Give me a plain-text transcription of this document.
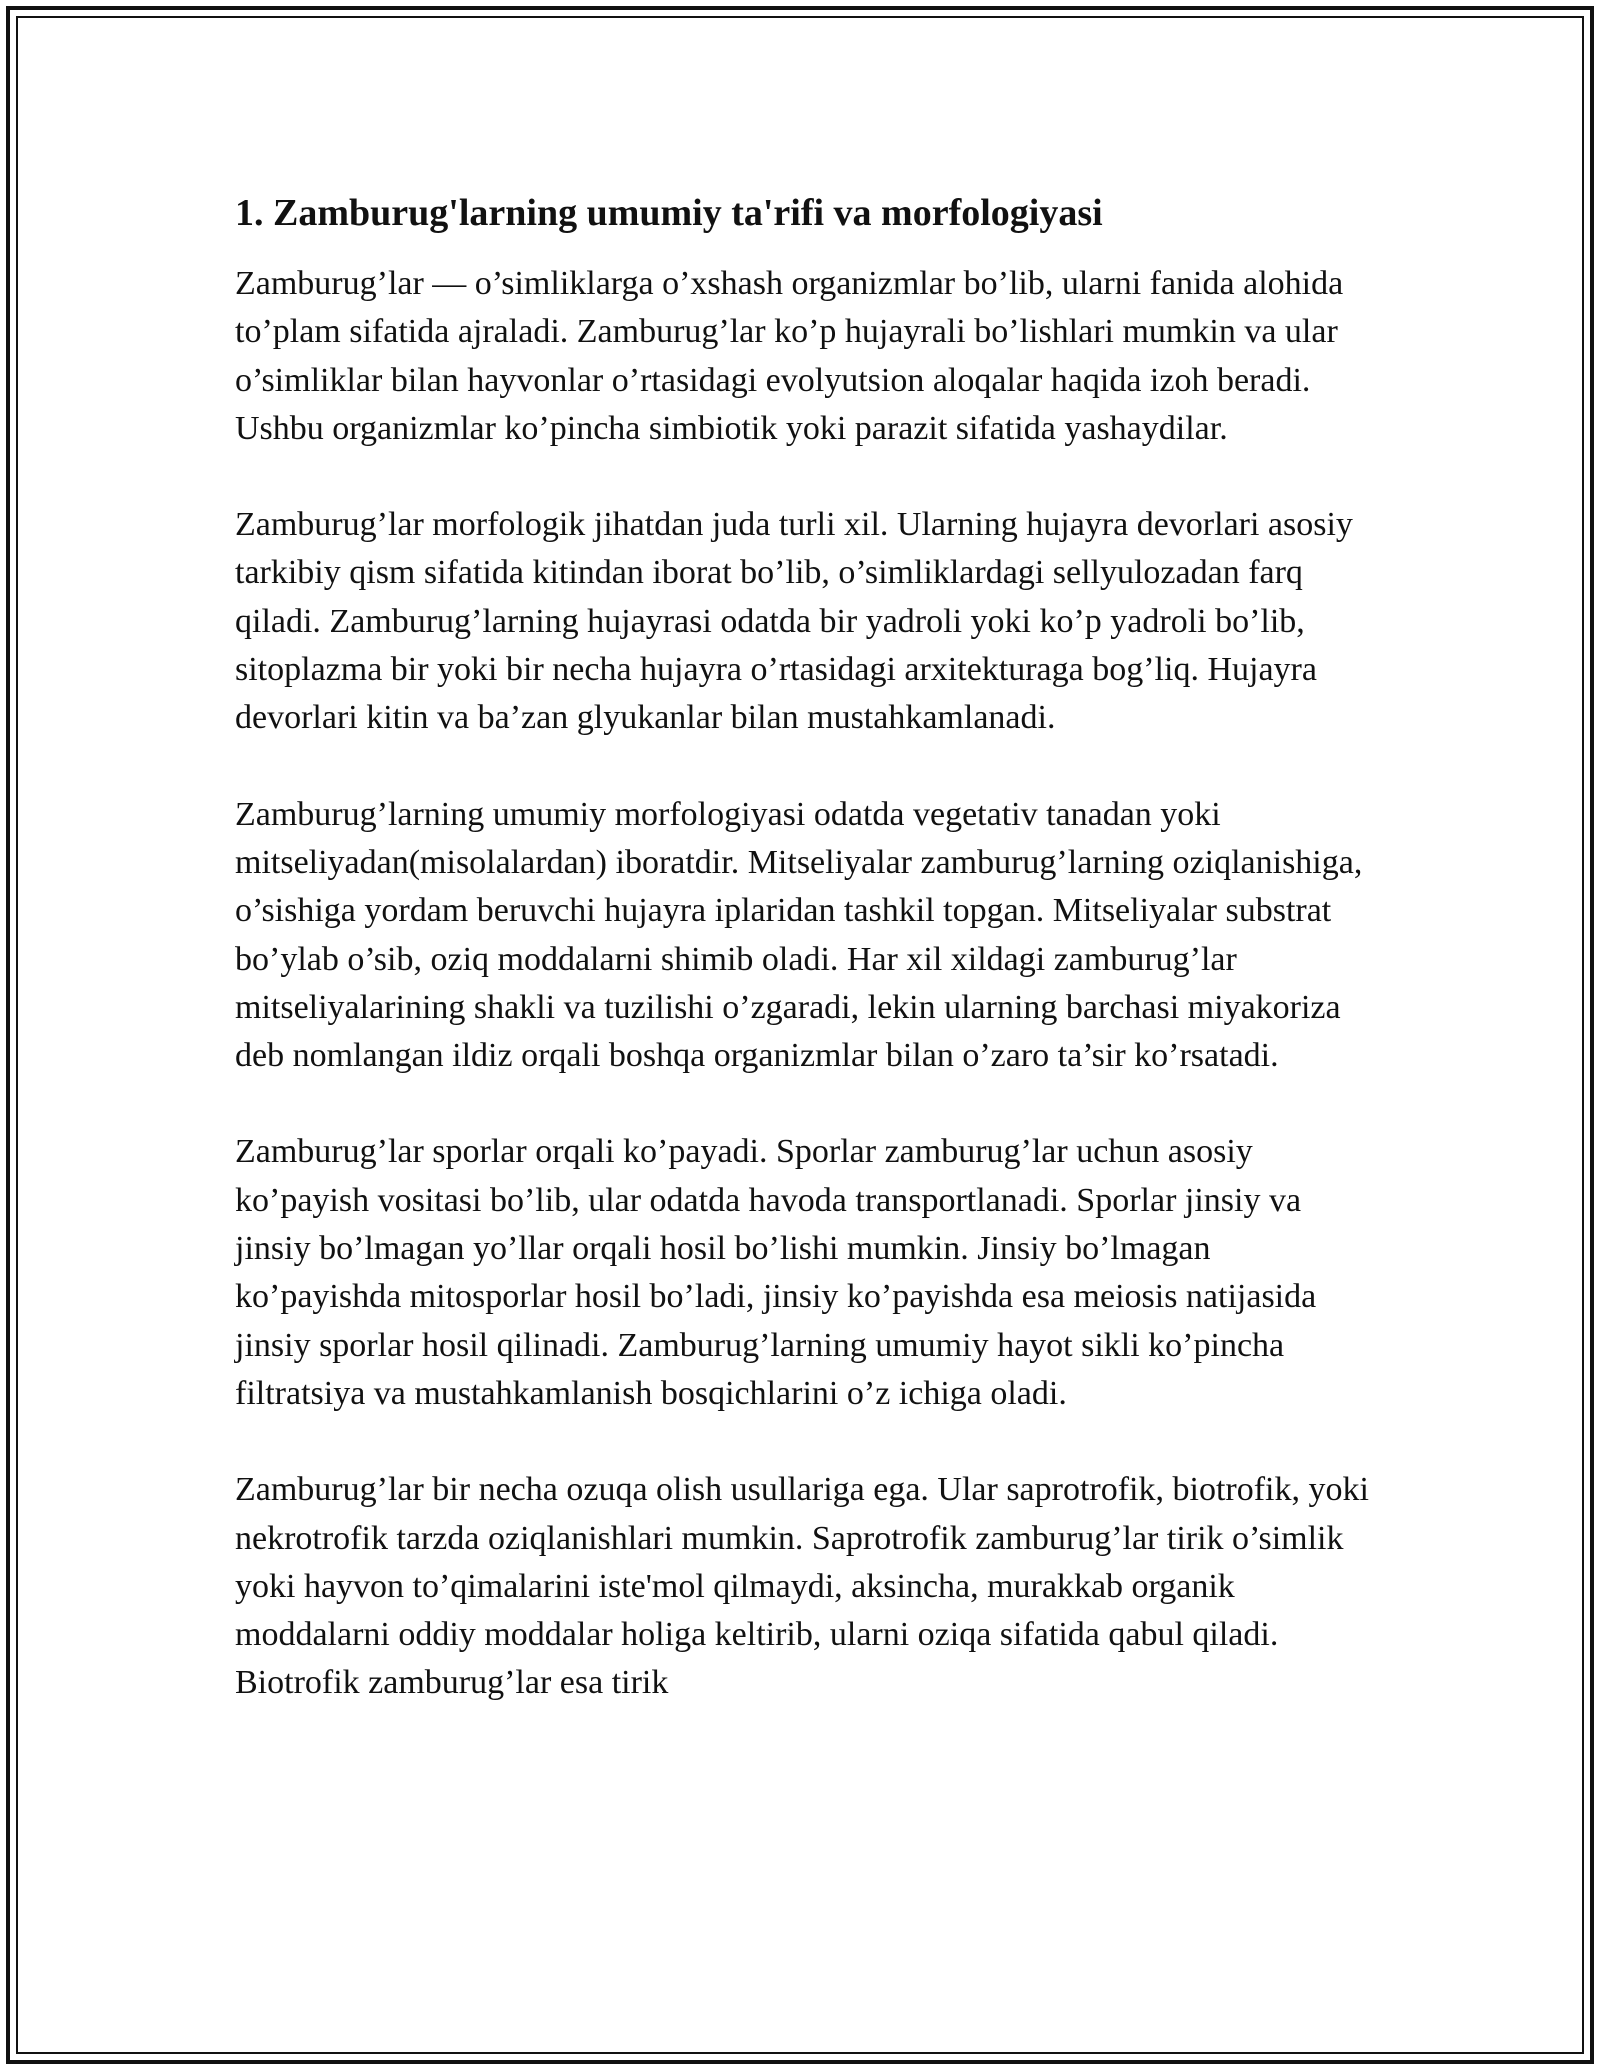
1. Zamburug'larning umumiy ta'rifi va morfologiyasi

Zamburug’lar — o’simliklarga o’xshash organizmlar bo’lib, ularni fanida alohida to’plam sifatida ajraladi. Zamburug’lar ko’p hujayrali bo’lishlari mumkin va ular o’simliklar bilan hayvonlar o’rtasidagi evolyutsion aloqalar haqida izoh beradi. Ushbu organizmlar ko’pincha simbiotik yoki parazit sifatida yashaydilar.

Zamburug’lar morfologik jihatdan juda turli xil. Ularning hujayra devorlari asosiy tarkibiy qism sifatida kitindan iborat bo’lib, o’simliklardagi sellyulozadan farq qiladi. Zamburug’larning hujayrasi odatda bir yadroli yoki ko’p yadroli bo’lib, sitoplazma bir yoki bir necha hujayra o’rtasidagi arxitekturaga bog’liq. Hujayra devorlari kitin va ba’zan glyukanlar bilan mustahkamlanadi.

Zamburug’larning umumiy morfologiyasi odatda vegetativ tanadan yoki mitseliyadan(misolalardan) iboratdir. Mitseliyalar zamburug’larning oziqlanishiga, o’sishiga yordam beruvchi hujayra iplaridan tashkil topgan. Mitseliyalar substrat bo’ylab o’sib, oziq moddalarni shimib oladi. Har xil xildagi zamburug’lar mitseliyalarining shakli va tuzilishi o’zgaradi, lekin ularning barchasi miyakoriza deb nomlangan ildiz orqali boshqa organizmlar bilan o’zaro ta’sir ko’rsatadi.

Zamburug’lar sporlar orqali ko’payadi. Sporlar zamburug’lar uchun asosiy ko’payish vositasi bo’lib, ular odatda havoda transportlanadi. Sporlar jinsiy va jinsiy bo’lmagan yo’llar orqali hosil bo’lishi mumkin. Jinsiy bo’lmagan ko’payishda mitosporlar hosil bo’ladi, jinsiy ko’payishda esa meiosis natijasida jinsiy sporlar hosil qilinadi. Zamburug’larning umumiy hayot sikli ko’pincha filtratsiya va mustahkamlanish bosqichlarini o’z ichiga oladi.

Zamburug’lar bir necha ozuqa olish usullariga ega. Ular saprotrofik, biotrofik, yoki nekrotrofik tarzda oziqlanishlari mumkin. Saprotrofik zamburug’lar tirik o’simlik yoki hayvon to’qimalarini iste'mol qilmaydi, aksincha, murakkab organik moddalarni oddiy moddalar holiga keltirib, ularni oziqa sifatida qabul qiladi. Biotrofik zamburug’lar esa tirik
